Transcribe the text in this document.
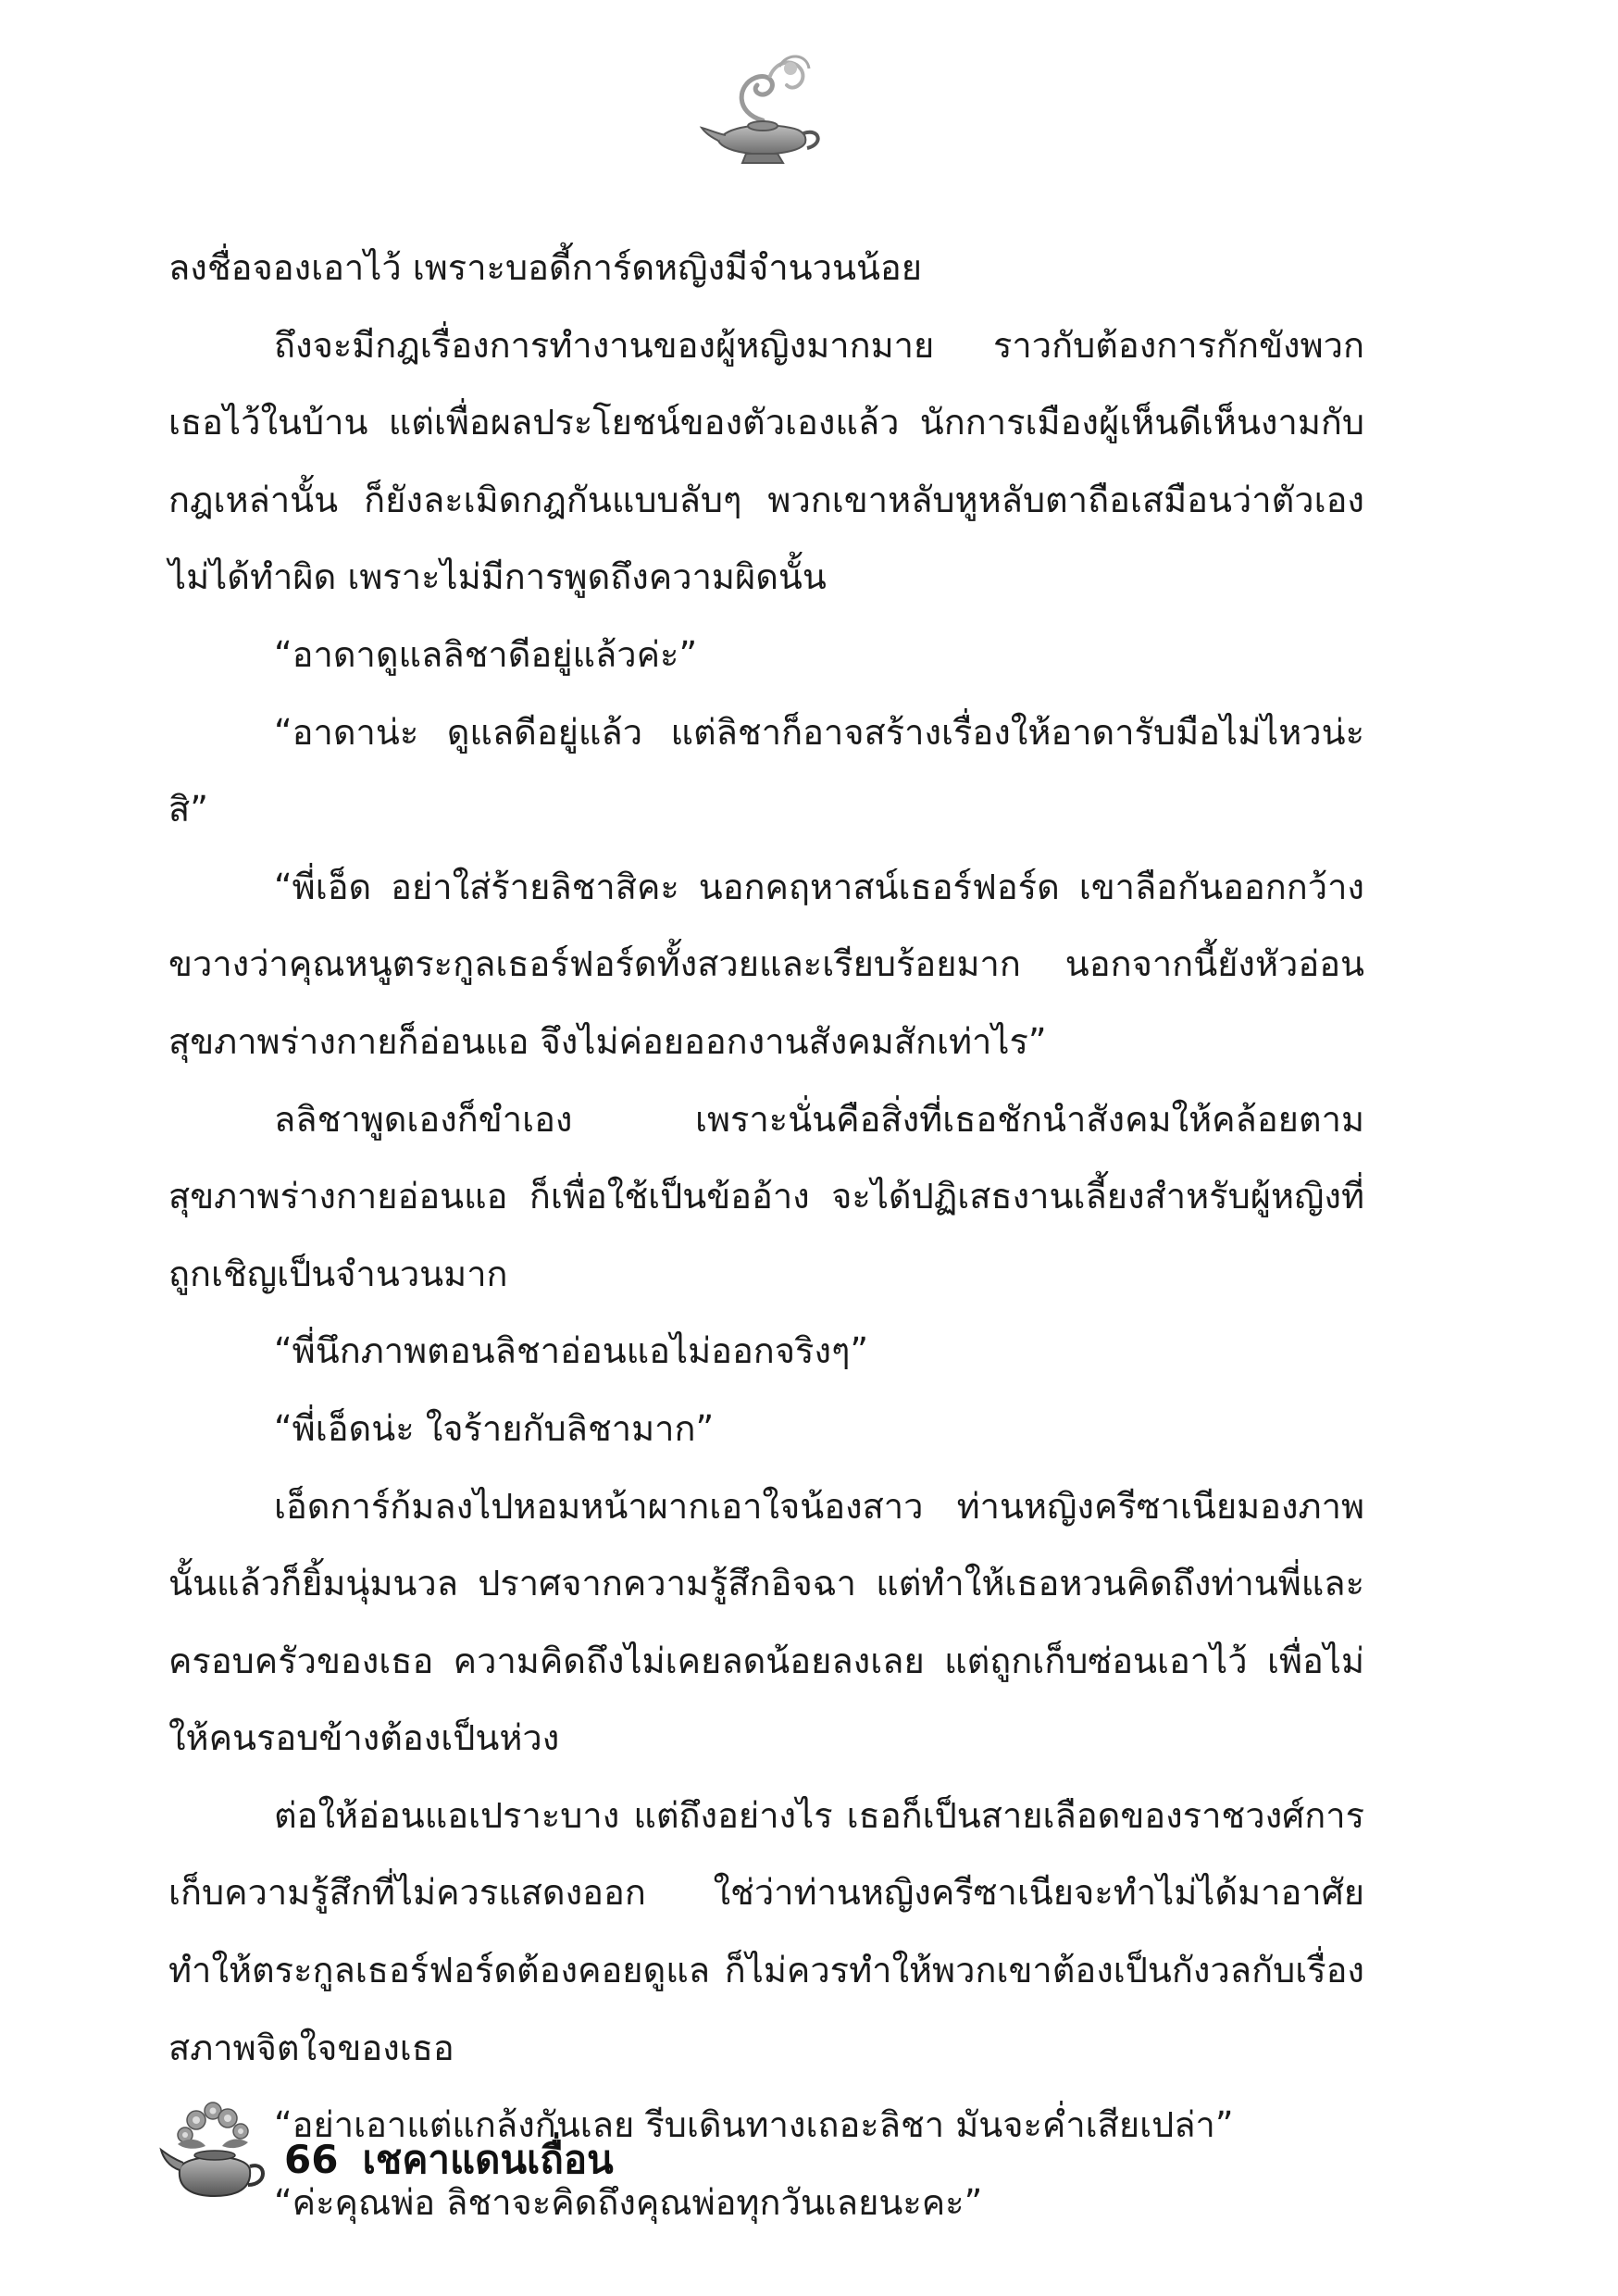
ลงชื่อจองเอาไว้ เพราะบอดี้การ์ดหญิงมีจำนวนน้อย

ถึงจะมีกฎเรื่องการทำงานของผู้หญิงมากมาย ราวกับต้องการกักขังพวกเธอไว้ในบ้าน แต่เพื่อผลประโยชน์ของตัวเองแล้ว นักการเมืองผู้เห็นดีเห็นงามกับกฎเหล่านั้น ก็ยังละเมิดกฎกันแบบลับๆ พวกเขาหลับหูหลับตาถือเสมือนว่าตัวเองไม่ได้ทำผิด เพราะไม่มีการพูดถึงความผิดนั้น

“อาดาดูแลลิชาดีอยู่แล้วค่ะ”

“อาดาน่ะ ดูแลดีอยู่แล้ว แต่ลิชาก็อาจสร้างเรื่องให้อาดารับมือไม่ไหวน่ะสิ”

“พี่เอ็ด อย่าใส่ร้ายลิชาสิคะ นอกคฤหาสน์เธอร์ฟอร์ด เขาลือกันออกกว้างขวางว่าคุณหนูตระกูลเธอร์ฟอร์ดทั้งสวยและเรียบร้อยมาก นอกจากนี้ยังหัวอ่อน สุขภาพร่างกายก็อ่อนแอ จึงไม่ค่อยออกงานสังคมสักเท่าไร”

ลลิชาพูดเองก็ขำเอง เพราะนั่นคือสิ่งที่เธอชักนำสังคมให้คล้อยตามสุขภาพร่างกายอ่อนแอ ก็เพื่อใช้เป็นข้ออ้าง จะได้ปฏิเสธงานเลี้ยงสำหรับผู้หญิงที่ถูกเชิญเป็นจำนวนมาก

“พี่นึกภาพตอนลิชาอ่อนแอไม่ออกจริงๆ”

“พี่เอ็ดน่ะ ใจร้ายกับลิชามาก”

เอ็ดการ์ก้มลงไปหอมหน้าผากเอาใจน้องสาว ท่านหญิงครีซาเนียมองภาพนั้นแล้วก็ยิ้มนุ่มนวล ปราศจากความรู้สึกอิจฉา แต่ทำให้เธอหวนคิดถึงท่านพี่และครอบครัวของเธอ ความคิดถึงไม่เคยลดน้อยลงเลย แต่ถูกเก็บซ่อนเอาไว้ เพื่อไม่ให้คนรอบข้างต้องเป็นห่วง

ต่อให้อ่อนแอเปราะบาง แต่ถึงอย่างไร เธอก็เป็นสายเลือดของราชวงศ์การเก็บความรู้สึกที่ไม่ควรแสดงออก ใช่ว่าท่านหญิงครีซาเนียจะทำไม่ได้มาอาศัย ทำให้ตระกูลเธอร์ฟอร์ดต้องคอยดูแล ก็ไม่ควรทำให้พวกเขาต้องเป็นกังวลกับเรื่องสภาพจิตใจของเธอ

“อย่าเอาแต่แกล้งกันเลย รีบเดินทางเถอะลิชา มันจะค่ำเสียเปล่า”

“ค่ะคุณพ่อ ลิชาจะคิดถึงคุณพ่อทุกวันเลยนะคะ”

66 เชคาแดนเถื่อน
